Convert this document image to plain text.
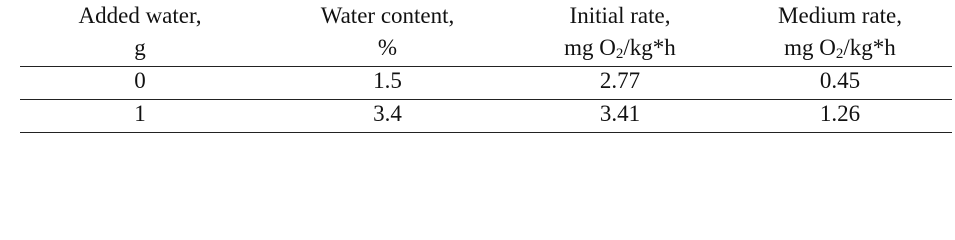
Added water,	Water content,	Initial rate,	Medium rate,
g	%	mg $O_2/kg*h$	mg $O_2/kg*h$
0	1.5	2.77	0.45
1	3.4	3.41	1.26
